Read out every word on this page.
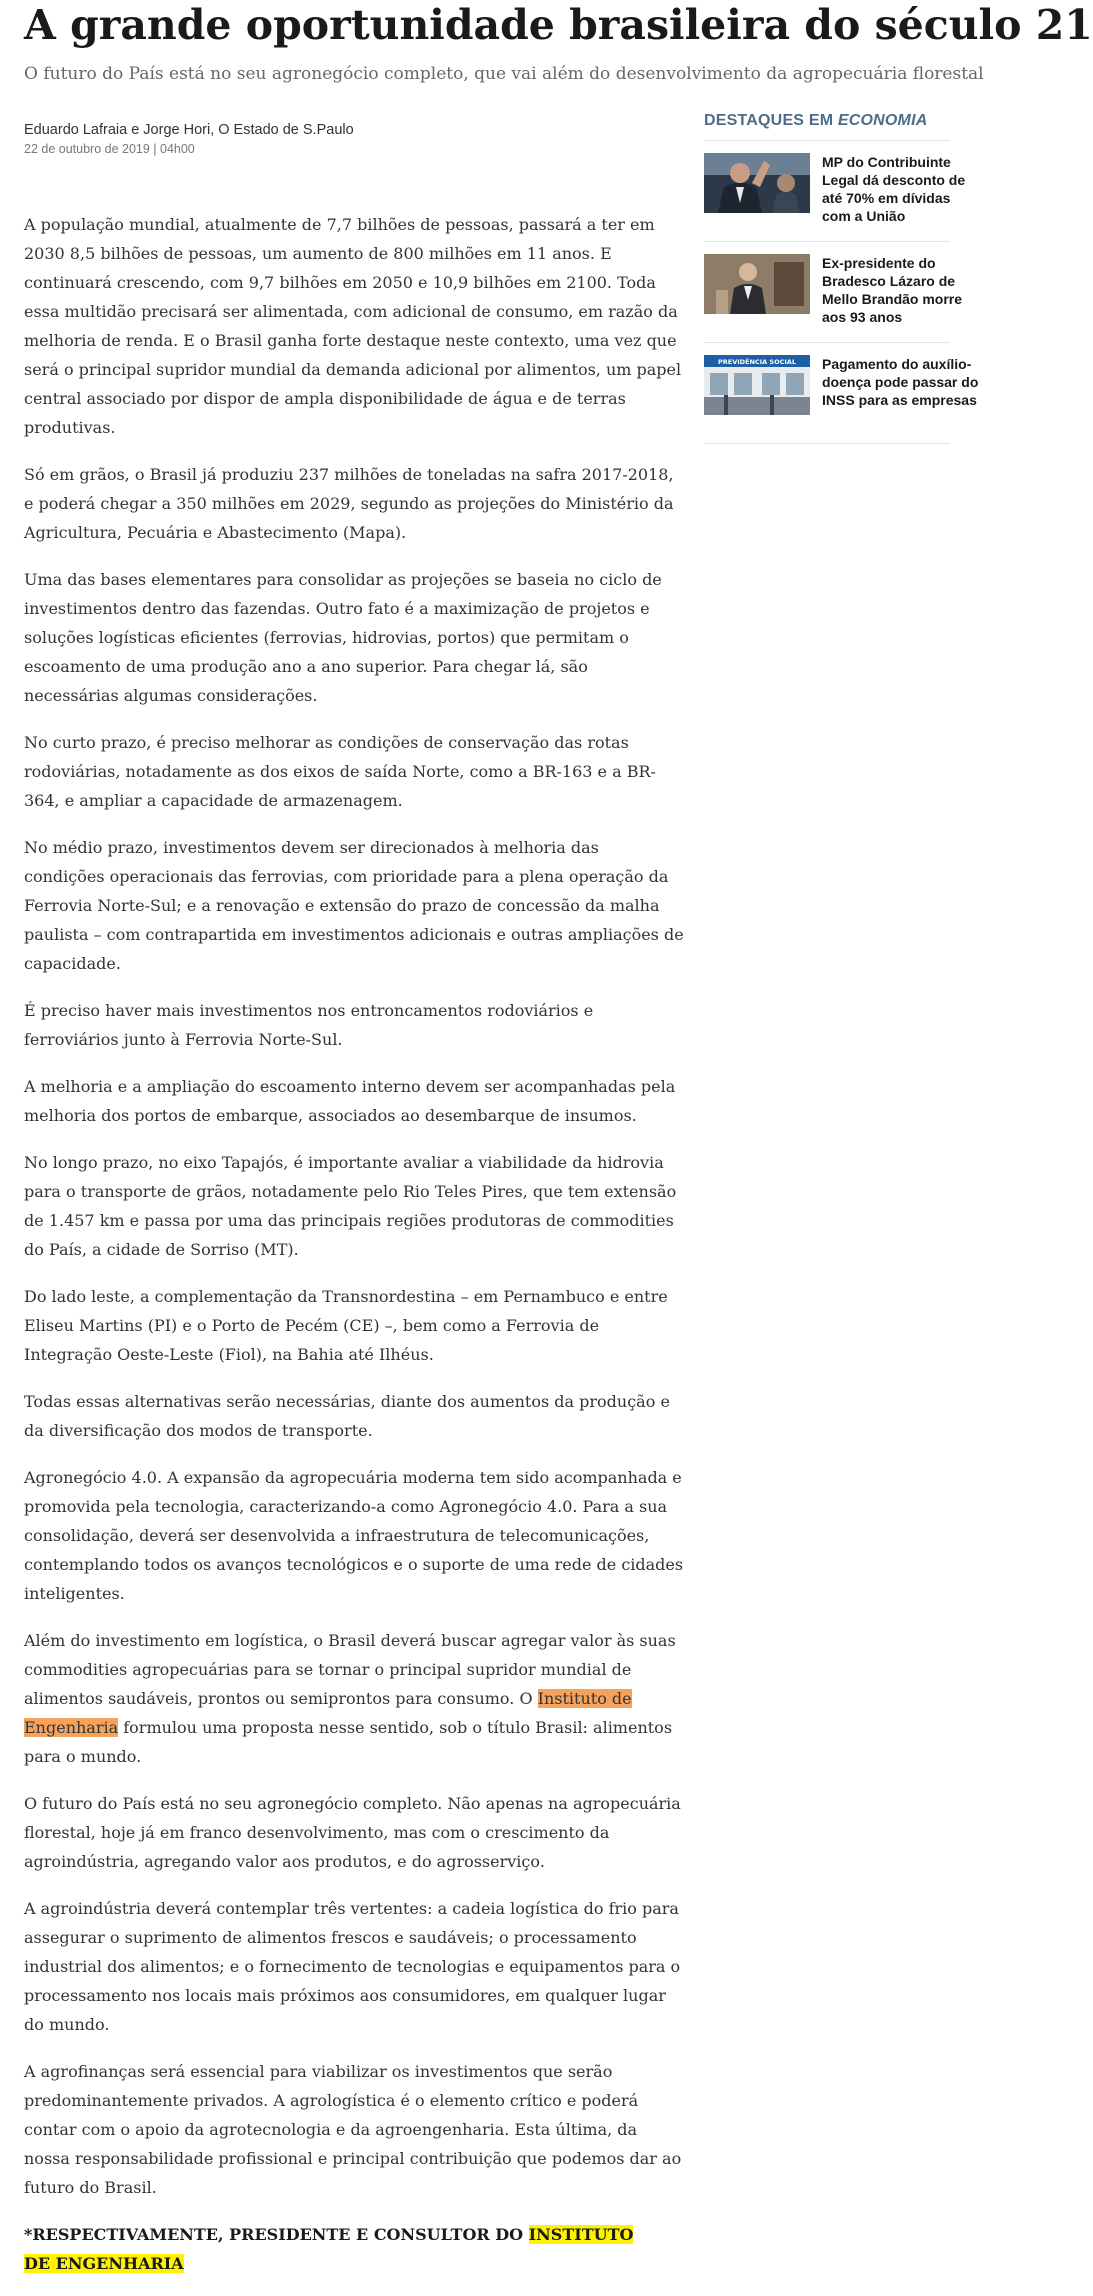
A grande oportunidade brasileira do século 21

O futuro do País está no seu agronegócio completo, que vai além do desenvolvimento da agropecuária florestal

Eduardo Lafraia e Jorge Hori, O Estado de S.Paulo
22 de outubro de 2019 | 04h00

A população mundial, atualmente de 7,7 bilhões de pessoas, passará a ter em 2030 8,5 bilhões de pessoas, um aumento de 800 milhões em 11 anos. E continuará crescendo, com 9,7 bilhões em 2050 e 10,9 bilhões em 2100. Toda essa multidão precisará ser alimentada, com adicional de consumo, em razão da melhoria de renda. E o Brasil ganha forte destaque neste contexto, uma vez que será o principal supridor mundial da demanda adicional por alimentos, um papel central associado por dispor de ampla disponibilidade de água e de terras produtivas.

Só em grãos, o Brasil já produziu 237 milhões de toneladas na safra 2017-2018, e poderá chegar a 350 milhões em 2029, segundo as projeções do Ministério da Agricultura, Pecuária e Abastecimento (Mapa).

Uma das bases elementares para consolidar as projeções se baseia no ciclo de investimentos dentro das fazendas. Outro fato é a maximização de projetos e soluções logísticas eficientes (ferrovias, hidrovias, portos) que permitam o escoamento de uma produção ano a ano superior. Para chegar lá, são necessárias algumas considerações.

No curto prazo, é preciso melhorar as condições de conservação das rotas rodoviárias, notadamente as dos eixos de saída Norte, como a BR-163 e a BR-364, e ampliar a capacidade de armazenagem.

No médio prazo, investimentos devem ser direcionados à melhoria das condições operacionais das ferrovias, com prioridade para a plena operação da Ferrovia Norte-Sul; e a renovação e extensão do prazo de concessão da malha paulista – com contrapartida em investimentos adicionais e outras ampliações de capacidade.

É preciso haver mais investimentos nos entroncamentos rodoviários e ferroviários junto à Ferrovia Norte-Sul.

A melhoria e a ampliação do escoamento interno devem ser acompanhadas pela melhoria dos portos de embarque, associados ao desembarque de insumos.

No longo prazo, no eixo Tapajós, é importante avaliar a viabilidade da hidrovia para o transporte de grãos, notadamente pelo Rio Teles Pires, que tem extensão de 1.457 km e passa por uma das principais regiões produtoras de commodities do País, a cidade de Sorriso (MT).

Do lado leste, a complementação da Transnordestina – em Pernambuco e entre Eliseu Martins (PI) e o Porto de Pecém (CE) –, bem como a Ferrovia de Integração Oeste-Leste (Fiol), na Bahia até Ilhéus.

Todas essas alternativas serão necessárias, diante dos aumentos da produção e da diversificação dos modos de transporte.

Agronegócio 4.0. A expansão da agropecuária moderna tem sido acompanhada e promovida pela tecnologia, caracterizando-a como Agronegócio 4.0. Para a sua consolidação, deverá ser desenvolvida a infraestrutura de telecomunicações, contemplando todos os avanços tecnológicos e o suporte de uma rede de cidades inteligentes.

Além do investimento em logística, o Brasil deverá buscar agregar valor às suas commodities agropecuárias para se tornar o principal supridor mundial de alimentos saudáveis, prontos ou semiprontos para consumo. O Instituto de Engenharia formulou uma proposta nesse sentido, sob o título Brasil: alimentos para o mundo.

O futuro do País está no seu agronegócio completo. Não apenas na agropecuária florestal, hoje já em franco desenvolvimento, mas com o crescimento da agroindústria, agregando valor aos produtos, e do agrosserviço.

A agroindústria deverá contemplar três vertentes: a cadeia logística do frio para assegurar o suprimento de alimentos frescos e saudáveis; o processamento industrial dos alimentos; e o fornecimento de tecnologias e equipamentos para o processamento nos locais mais próximos aos consumidores, em qualquer lugar do mundo.

A agrofinanças será essencial para viabilizar os investimentos que serão predominantemente privados. A agrologística é o elemento crítico e poderá contar com o apoio da agrotecnologia e da agroengenharia. Esta última, da nossa responsabilidade profissional e principal contribuição que podemos dar ao futuro do Brasil.

*RESPECTIVAMENTE, PRESIDENTE E CONSULTOR DO INSTITUTO
DE ENGENHARIA

DESTAQUES EM ECONOMIA
MP do Contribuinte
Legal dá desconto de
até 70% em dívidas
com a União
Ex-presidente do
Bradesco Lázaro de
Mello Brandão morre
aos 93 anos
PREVIDÊNCIA SOCIAL Pagamento do auxílio-
doença pode passar do
INSS para as empresas
